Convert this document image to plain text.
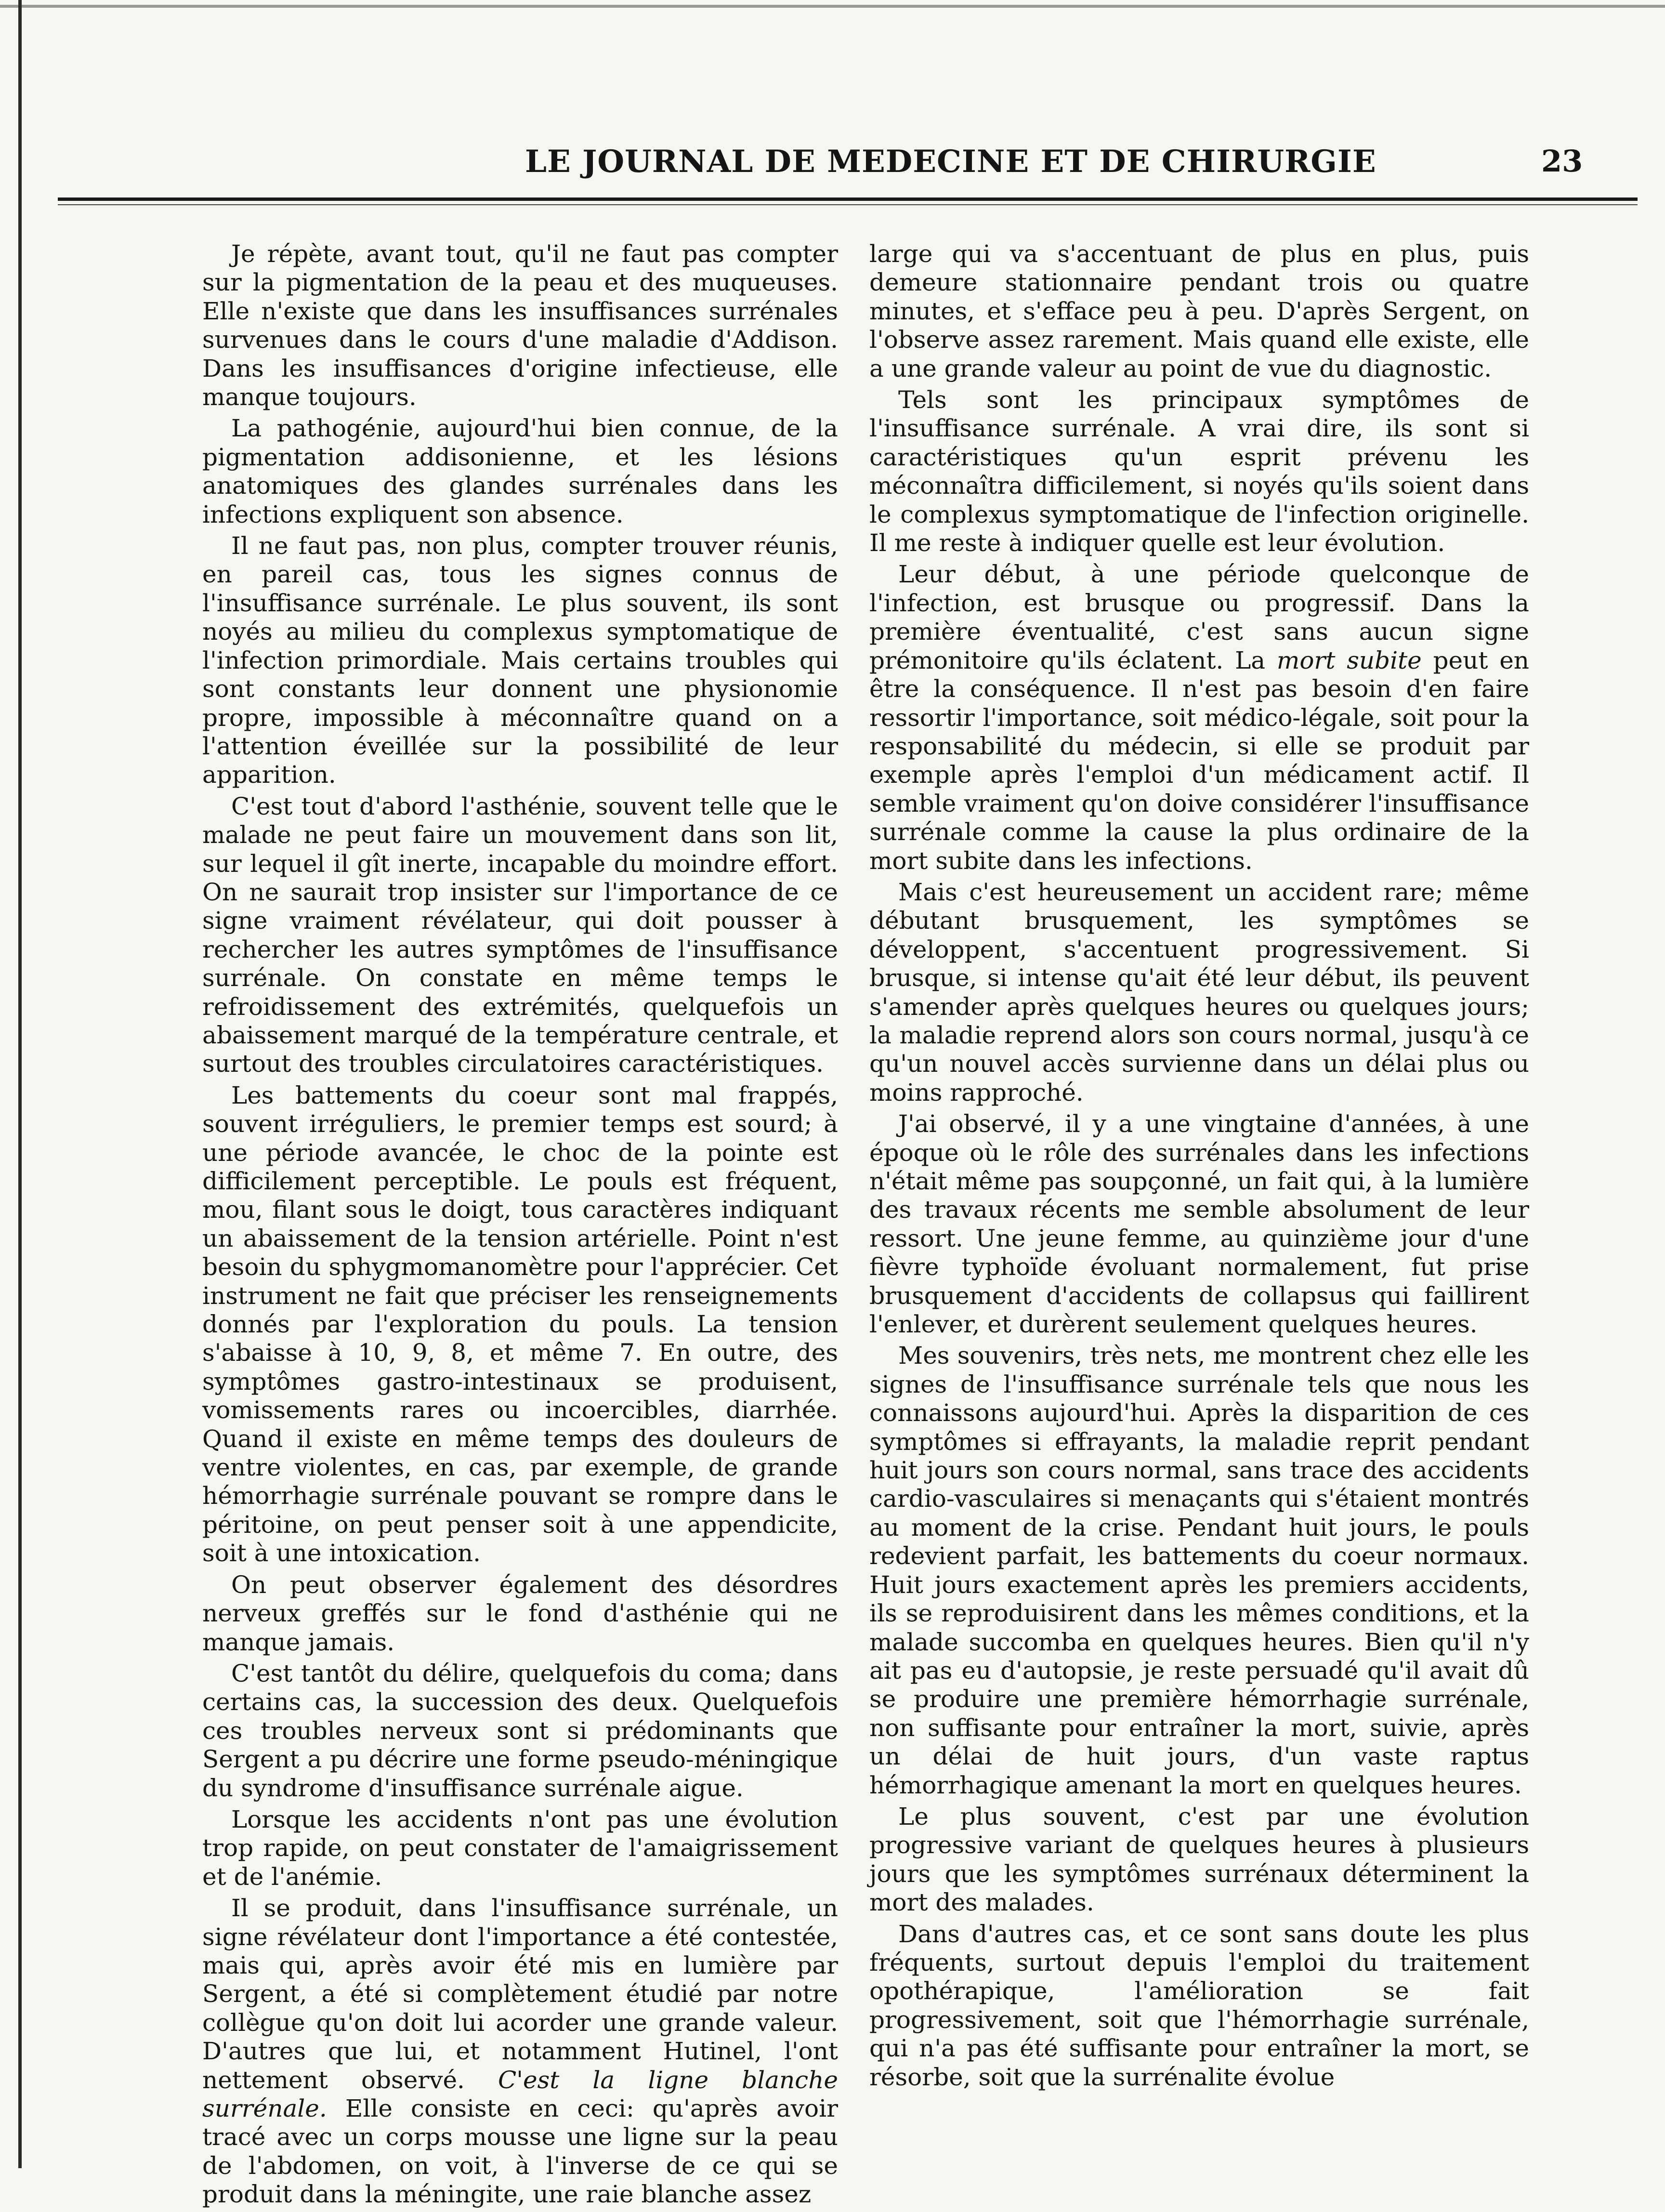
LE JOURNAL DE MEDECINE ET DE CHIRURGIE	23

Je répète, avant tout, qu'il ne faut pas compter sur la pigmentation de la peau et des muqueuses. Elle n'existe que dans les insuffisances surrénales survenues dans le cours d'une maladie d'Addison. Dans les insuffisances d'origine infectieuse, elle manque toujours.

La pathogénie, aujourd'hui bien connue, de la pigmentation addisonienne, et les lésions anatomiques des glandes surrénales dans les infections expliquent son absence.

Il ne faut pas, non plus, compter trouver réunis, en pareil cas, tous les signes connus de l'insuffisance surrénale. Le plus souvent, ils sont noyés au milieu du complexus symptomatique de l'infection primordiale. Mais certains troubles qui sont constants leur donnent une physionomie propre, impossible à méconnaître quand on a l'attention éveillée sur la possibilité de leur apparition.

C'est tout d'abord l'asthénie, souvent telle que le malade ne peut faire un mouvement dans son lit, sur lequel il gît inerte, incapable du moindre effort. On ne saurait trop insister sur l'importance de ce signe vraiment révélateur, qui doit pousser à rechercher les autres symptômes de l'insuffisance surrénale. On constate en même temps le refroidissement des extrémités, quelquefois un abaissement marqué de la température centrale, et surtout des troubles circulatoires caractéristiques.

Les battements du coeur sont mal frappés, souvent irréguliers, le premier temps est sourd; à une période avancée, le choc de la pointe est difficilement perceptible. Le pouls est fréquent, mou, filant sous le doigt, tous caractères indiquant un abaissement de la tension artérielle. Point n'est besoin du sphygmomanomètre pour l'apprécier. Cet instrument ne fait que préciser les renseignements donnés par l'exploration du pouls. La tension s'abaisse à 10, 9, 8, et même 7. En outre, des symptômes gastro-intestinaux se produisent, vomissements rares ou incoercibles, diarrhée. Quand il existe en même temps des douleurs de ventre violentes, en cas, par exemple, de grande hémorrhagie surrénale pouvant se rompre dans le péritoine, on peut penser soit à une appendicite, soit à une intoxication.

On peut observer également des désordres nerveux greffés sur le fond d'asthénie qui ne manque jamais.

C'est tantôt du délire, quelquefois du coma; dans certains cas, la succession des deux. Quelquefois ces troubles nerveux sont si prédominants que Sergent a pu décrire une forme pseudo-méningique du syndrome d'insuffisance surrénale aigue.

Lorsque les accidents n'ont pas une évolution trop rapide, on peut constater de l'amaigrissement et de l'anémie.

Il se produit, dans l'insuffisance surrénale, un signe révélateur dont l'importance a été contestée, mais qui, après avoir été mis en lumière par Sergent, a été si complètement étudié par notre collègue qu'on doit lui acorder une grande valeur. D'autres que lui, et notamment Hutinel, l'ont nettement observé. C'est la ligne blanche surrénale. Elle consiste en ceci: qu'après avoir tracé avec un corps mousse une ligne sur la peau de l'abdomen, on voit, à l'inverse de ce qui se produit dans la méningite, une raie blanche assez

large qui va s'accentuant de plus en plus, puis demeure stationnaire pendant trois ou quatre minutes, et s'efface peu à peu. D'après Sergent, on l'observe assez rarement. Mais quand elle existe, elle a une grande valeur au point de vue du diagnostic.

Tels sont les principaux symptômes de l'insuffisance surrénale. A vrai dire, ils sont si caractéristiques qu'un esprit prévenu les méconnaîtra difficilement, si noyés qu'ils soient dans le complexus symptomatique de l'infection originelle. Il me reste à indiquer quelle est leur évolution.

Leur début, à une période quelconque de l'infection, est brusque ou progressif. Dans la première éventualité, c'est sans aucun signe prémonitoire qu'ils éclatent. La mort subite peut en être la conséquence. Il n'est pas besoin d'en faire ressortir l'importance, soit médico-légale, soit pour la responsabilité du médecin, si elle se produit par exemple après l'emploi d'un médicament actif. Il semble vraiment qu'on doive considérer l'insuffisance surrénale comme la cause la plus ordinaire de la mort subite dans les infections.

Mais c'est heureusement un accident rare; même débutant brusquement, les symptômes se développent, s'accentuent progressivement. Si brusque, si intense qu'ait été leur début, ils peuvent s'amender après quelques heures ou quelques jours; la maladie reprend alors son cours normal, jusqu'à ce qu'un nouvel accès survienne dans un délai plus ou moins rapproché.

J'ai observé, il y a une vingtaine d'années, à une époque où le rôle des surrénales dans les infections n'était même pas soupçonné, un fait qui, à la lumière des travaux récents me semble absolument de leur ressort. Une jeune femme, au quinzième jour d'une fièvre typhoïde évoluant normalement, fut prise brusquement d'accidents de collapsus qui faillirent l'enlever, et durèrent seulement quelques heures.

Mes souvenirs, très nets, me montrent chez elle les signes de l'insuffisance surrénale tels que nous les connaissons aujourd'hui. Après la disparition de ces symptômes si effrayants, la maladie reprit pendant huit jours son cours normal, sans trace des accidents cardio-vasculaires si menaçants qui s'étaient montrés au moment de la crise. Pendant huit jours, le pouls redevient parfait, les battements du coeur normaux. Huit jours exactement après les premiers accidents, ils se reproduisirent dans les mêmes conditions, et la malade succomba en quelques heures. Bien qu'il n'y ait pas eu d'autopsie, je reste persuadé qu'il avait dû se produire une première hémorrhagie surrénale, non suffisante pour entraîner la mort, suivie, après un délai de huit jours, d'un vaste raptus hémorrhagique amenant la mort en quelques heures.

Le plus souvent, c'est par une évolution progressive variant de quelques heures à plusieurs jours que les symptômes surrénaux déterminent la mort des malades.

Dans d'autres cas, et ce sont sans doute les plus fréquents, surtout depuis l'emploi du traitement opothérapique, l'amélioration se fait progressivement, soit que l'hémorrhagie surrénale, qui n'a pas été suffisante pour entraîner la mort, se résorbe, soit que la surrénalite évolue
